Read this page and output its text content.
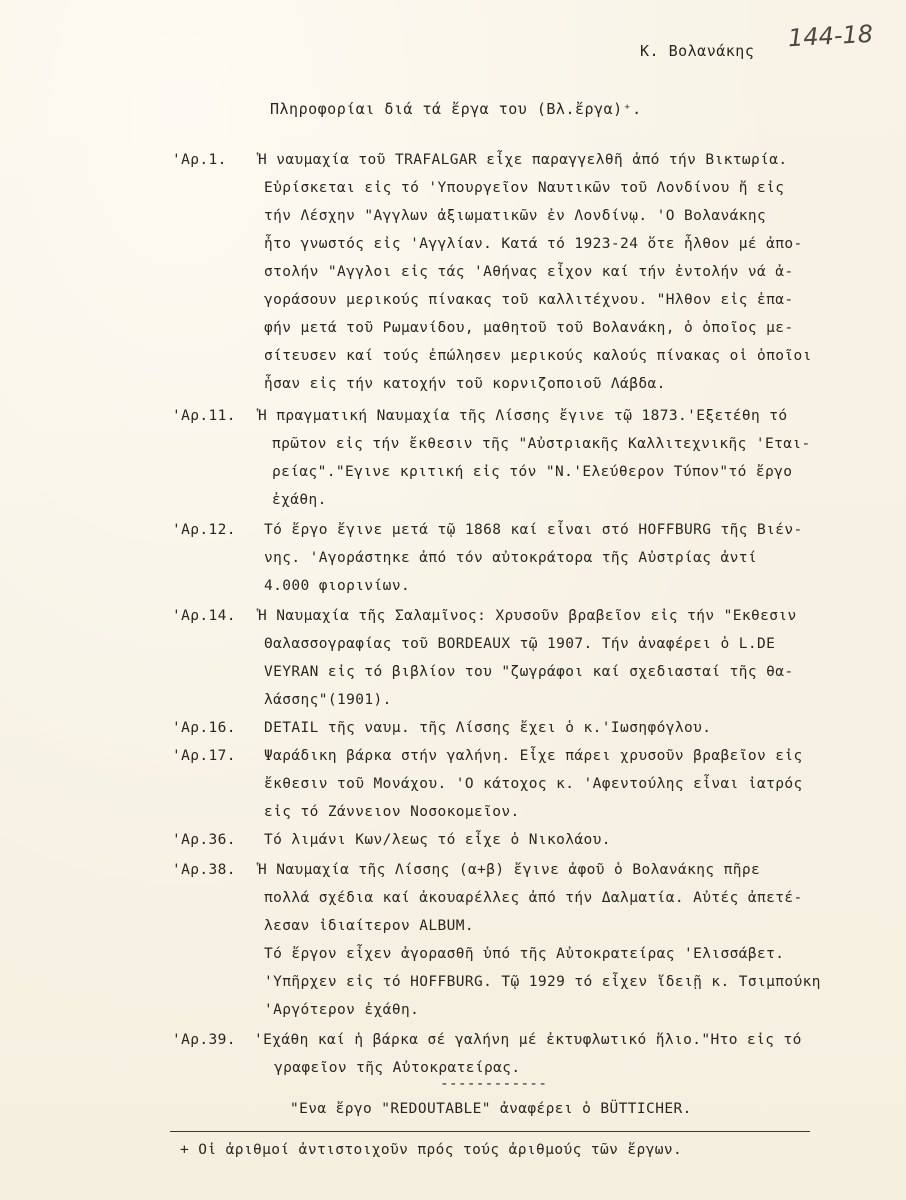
144-18
Κ. Βολανάκης
Πληροφορίαι διά τά ἔργα του (Βλ.ἔργα)⁺.
'Αρ.1. Ἡ ναυμαχία τοῦ TRAFALGAR εἶχε παραγγελθῆ ἀπό τήν Βικτωρία.
Εὑρίσκεται εἰς τό 'Υπουργεῖον Ναυτικῶν τοῦ Λονδίνου ἤ εἰς
τήν Λέσχην "Αγγλων ἀξιωματικῶν ἐν Λονδίνῳ. 'Ο Βολανάκης
ἦτο γνωστός εἰς 'Αγγλίαν. Κατά τό 1923-24 ὅτε ἦλθον μέ ἀπο-
στολήν "Αγγλοι εἰς τάς 'Αθήνας εἶχον καί τήν ἐντολήν νά ἀ-
γοράσουν μερικούς πίνακας τοῦ καλλιτέχνου. "Ηλθον εἰς ἐπα-
φήν μετά τοῦ Ρωμανίδου, μαθητοῦ τοῦ Βολανάκη, ὁ ὁποῖος με-
σίτευσεν καί τούς ἐπώλησεν μερικούς καλούς πίνακας οἱ ὁποῖοι
ἦσαν εἰς τήν κατοχήν τοῦ κορνιζοποιοῦ Λάβδα.
'Αρ.11. Ἡ πραγματική Ναυμαχία τῆς Λίσσης ἔγινε τῷ 1873.'Εξετέθη τό
πρῶτον εἰς τήν ἔκθεσιν τῆς "Αὐστριακῆς Καλλιτεχνικῆς 'Εται-
ρείας"."Εγινε κριτική εἰς τόν "Ν.'Ελεύθερον Τύπον"τό ἔργο
ἐχάθη.
'Αρ.12. Τό ἔργο ἔγινε μετά τῷ 1868 καί εἶναι στό HOFFBURG τῆς Βιέν-
νης. 'Αγοράστηκε ἀπό τόν αὐτοκράτορα τῆς Αὐστρίας ἀντί
4.000 φιορινίων.
'Αρ.14. Ἡ Ναυμαχία τῆς Σαλαμῖνος: Χρυσοῦν βραβεῖον εἰς τήν "Εκθεσιν
Θαλασσογραφίας τοῦ BORDEAUX τῷ 1907. Τήν ἀναφέρει ὁ L.DE
VEYRAN εἰς τό βιβλίον του "ζωγράφοι καί σχεδιασταί τῆς θα-
λάσσης"(1901).
'Αρ.16. DETAIL τῆς ναυμ. τῆς Λίσσης ἔχει ὁ κ.'Ιωσηφόγλου.
'Αρ.17. Ψαράδικη βάρκα στήν γαλήνη. Εἶχε πάρει χρυσοῦν βραβεῖον εἰς
ἔκθεσιν τοῦ Μονάχου. 'Ο κάτοχος κ. 'Αφεντούλης εἶναι ἰατρός
εἰς τό Ζάννειον Νοσοκομεῖον.
'Αρ.36. Τό λιμάνι Κων/λεως τό εἶχε ὁ Νικολάου.
'Αρ.38. Ἡ Ναυμαχία τῆς Λίσσης (α+β) ἔγινε ἀφοῦ ὁ Βολανάκης πῆρε
πολλά σχέδια καί ἀκουαρέλλες ἀπό τήν Δαλματία. Αὐτές ἀπετέ-
λεσαν ἰδιαίτερον ALBUM.
Τό ἔργον εἶχεν ἀγορασθῆ ὑπό τῆς Αὐτοκρατείρας 'Ελισσάβετ.
'Υπῆρχεν εἰς τό HOFFBURG. Τῷ 1929 τό εἶχεν ἴδειῇ κ. Τσιμπούκη
'Αργότερον ἐχάθη.
'Αρ.39. 'Εχάθη καί ἡ βάρκα σέ γαλήνη μέ ἐκτυφλωτικό ἥλιο."Ητο εἰς τό
γραφεῖον τῆς Αὐτοκρατείρας.
------------
"Ενα ἔργο "REDOUTABLE" ἀναφέρει ὁ BÜTTICHER.
+ Οἱ ἀριθμοί ἀντιστοιχοῦν πρός τούς ἀριθμούς τῶν ἔργων.
